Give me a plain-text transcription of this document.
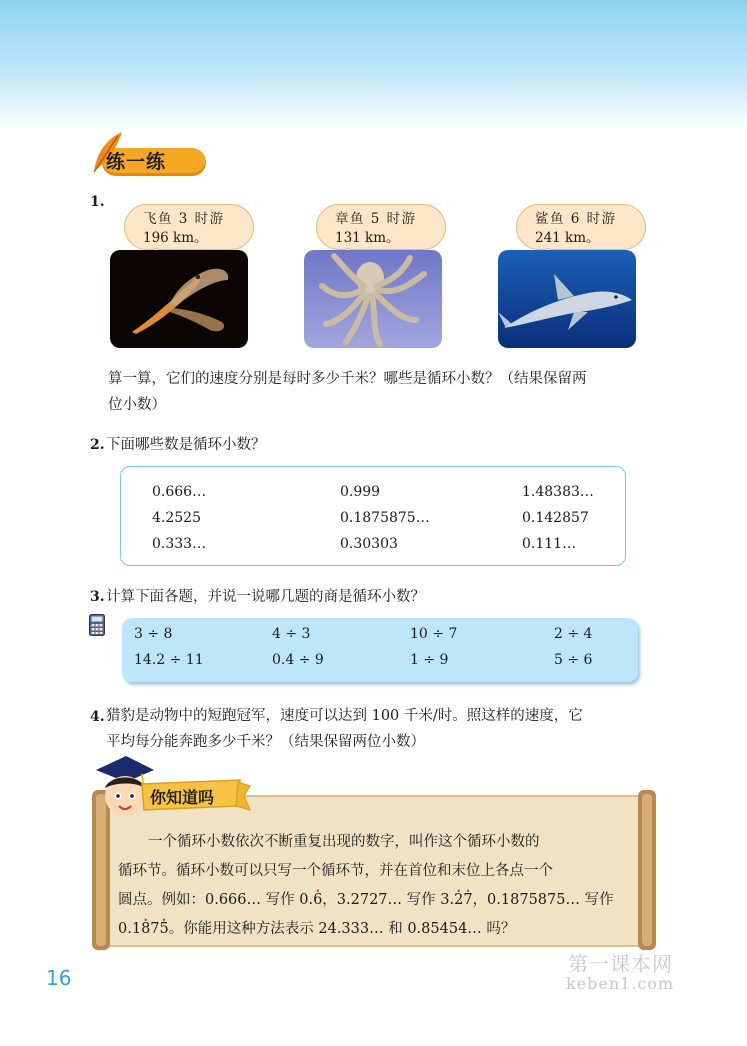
练一练
1.
飞鱼 3 时游
196 km。
章鱼 5 时游
131 km。
鲨鱼 6 时游
241 km。
算一算，它们的速度分别是每时多少千米？哪些是循环小数？（结果保留两
位小数）
2. 下面哪些数是循环小数？
0.666…	0.999	1.48383…
4.2525	0.1875875…	0.142857
0.333…	0.30303	0.111…
3. 计算下面各题，并说一说哪几题的商是循环小数？
3 ÷ 8	4 ÷ 3	10 ÷ 7	2 ÷ 4
14.2 ÷ 11	0.4 ÷ 9	1 ÷ 9	5 ÷ 6
4. 猎豹是动物中的短跑冠军，速度可以达到 100 千米/时。照这样的速度，它
平均每分能奔跑多少千米？（结果保留两位小数）
你知道吗
一个循环小数依次不断重复出现的数字，叫作这个循环小数的
循环节。循环小数可以只写一个循环节，并在首位和末位上各点一个
圆点。例如：0.666… 写作 0.• 6，3.2727… 写作 3.• 2• 7，0.1875875… 写作
0.1• 87• 5。你能用这种方法表示 24.333… 和 0.85454… 吗？
16
第一课本网
keben1.com
